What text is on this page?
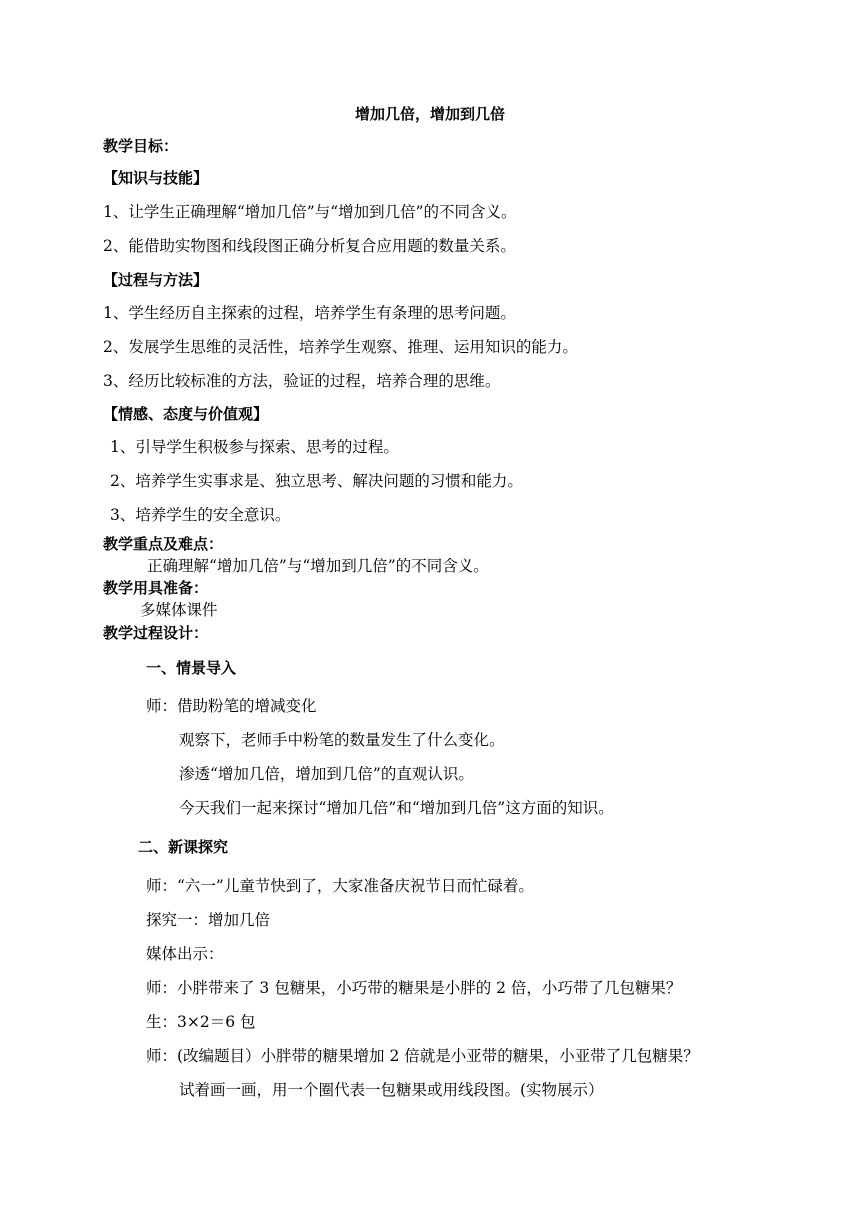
增加几倍，增加到几倍
教学目标：
【知识与技能】
1、让学生正确理解“增加几倍”与“增加到几倍”的不同含义。
2、能借助实物图和线段图正确分析复合应用题的数量关系。
【过程与方法】
1、学生经历自主探索的过程，培养学生有条理的思考问题。
2、发展学生思维的灵活性，培养学生观察、推理、运用知识的能力。
3、经历比较标准的方法，验证的过程，培养合理的思维。
【情感、态度与价值观】
1、引导学生积极参与探索、思考的过程。
2、培养学生实事求是、独立思考、解决问题的习惯和能力。
3、培养学生的安全意识。
教学重点及难点：
正确理解“增加几倍”与“增加到几倍”的不同含义。
教学用具准备：
多媒体课件
教学过程设计：
一、情景导入
师：借助粉笔的增减变化
观察下，老师手中粉笔的数量发生了什么变化。
渗透“增加几倍，增加到几倍”的直观认识。
今天我们一起来探讨“增加几倍”和“增加到几倍”这方面的知识。
二、新课探究
师：“六一”儿童节快到了，大家准备庆祝节日而忙碌着。
探究一：增加几倍
媒体出示：
师：小胖带来了 3 包糖果，小巧带的糖果是小胖的 2 倍，小巧带了几包糖果？
生：3×2＝6 包
师：(改编题目）小胖带的糖果增加 2 倍就是小亚带的糖果，小亚带了几包糖果？
试着画一画，用一个圈代表一包糖果或用线段图。(实物展示）
